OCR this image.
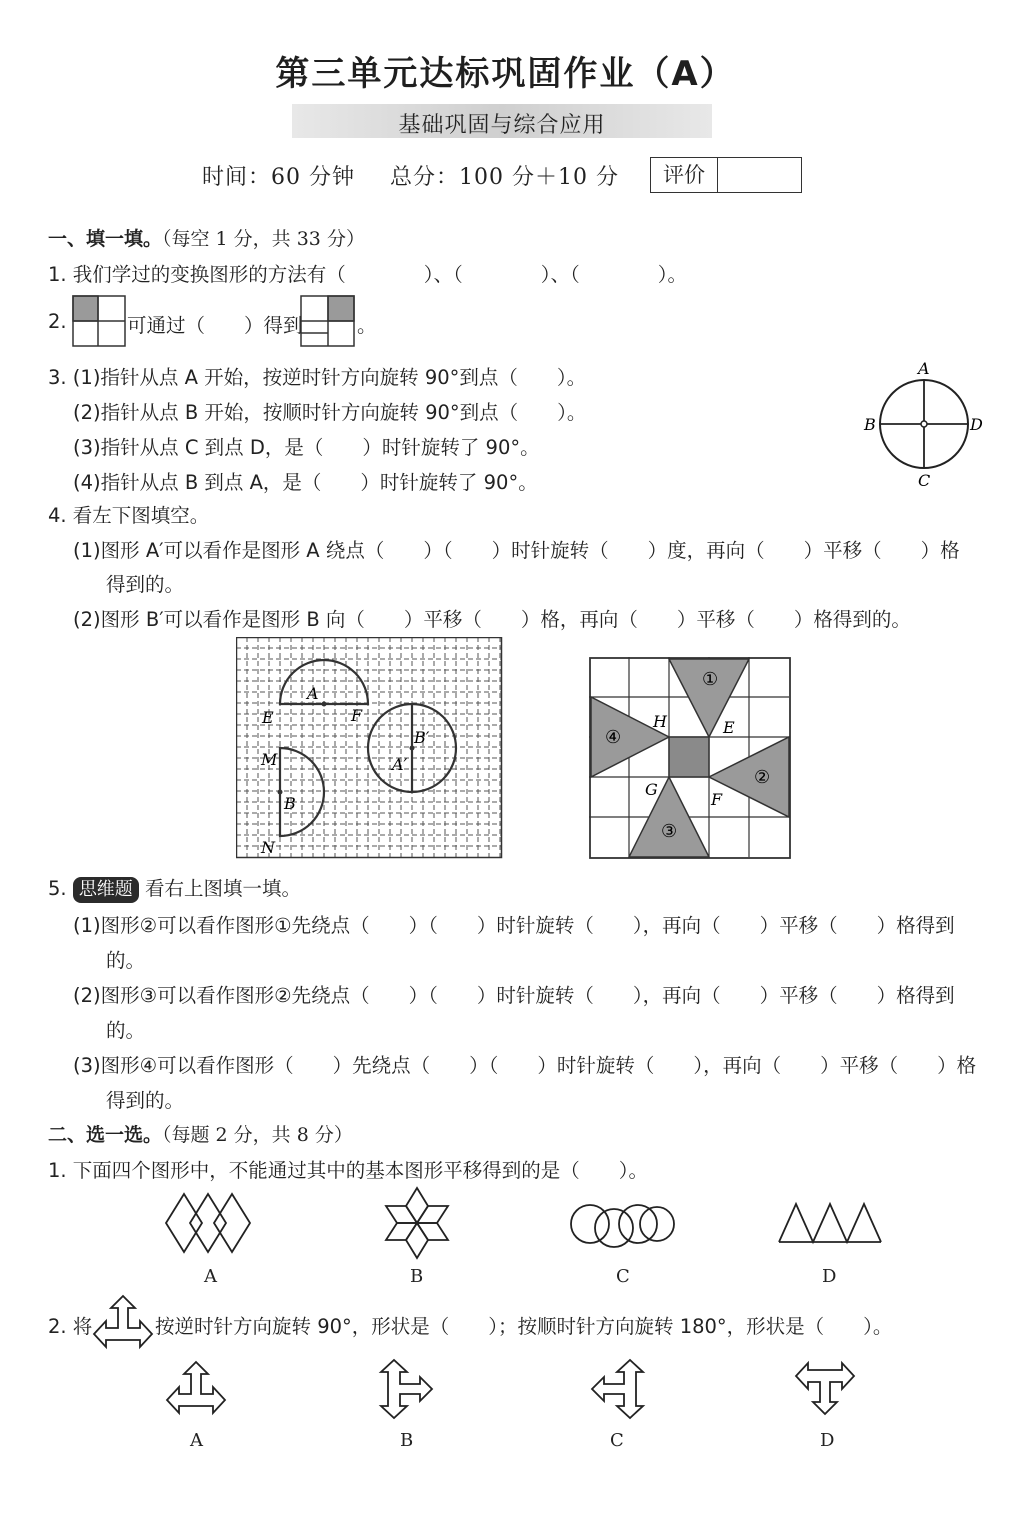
第三单元达标巩固作业（A）
基础巩固与综合应用
时间：60 分钟 总分：100 分＋10 分	评价
一、填一填。（每空 1 分，共 33 分）
1. 我们学过的变换图形的方法有（　　　　）、（　　　　）、（　　　　）。
2.	可通过（　　）得到	。
3. (1)指针从点 A 开始，按逆时针方向旋转 90°到点（　　）。
(2)指针从点 B 开始，按顺时针方向旋转 90°到点（　　）。
(3)指针从点 C 到点 D，是（　　）时针旋转了 90°。
(4)指针从点 B 到点 A，是（　　）时针旋转了 90°。
A
B	D
C
4. 看左下图填空。
(1)图形 A′可以看作是图形 A 绕点（　　）（　　）时针旋转（　　）度，再向（　　）平移（　　）格
得到的。
(2)图形 B′可以看作是图形 B 向（　　）平移（　　）格，再向（　　）平移（　　）格得到的。
A
E	F
B′
A′
M
B
N
①
②
③
④
H	E
G
F
5. 思维题 看右上图填一填。
(1)图形②可以看作图形①先绕点（　　）（　　）时针旋转（　　），再向（　　）平移（　　）格得到
的。
(2)图形③可以看作图形②先绕点（　　）（　　）时针旋转（　　），再向（　　）平移（　　）格得到
的。
(3)图形④可以看作图形（　　）先绕点（　　）（　　）时针旋转（　　），再向（　　）平移（　　）格
得到的。
二、选一选。（每题 2 分，共 8 分）
1. 下面四个图形中，不能通过其中的基本图形平移得到的是（　　）。
A	B	C	D
2. 将	按逆时针方向旋转 90°，形状是（　　）；按顺时针方向旋转 180°，形状是（　　）。
A	B	C	D
